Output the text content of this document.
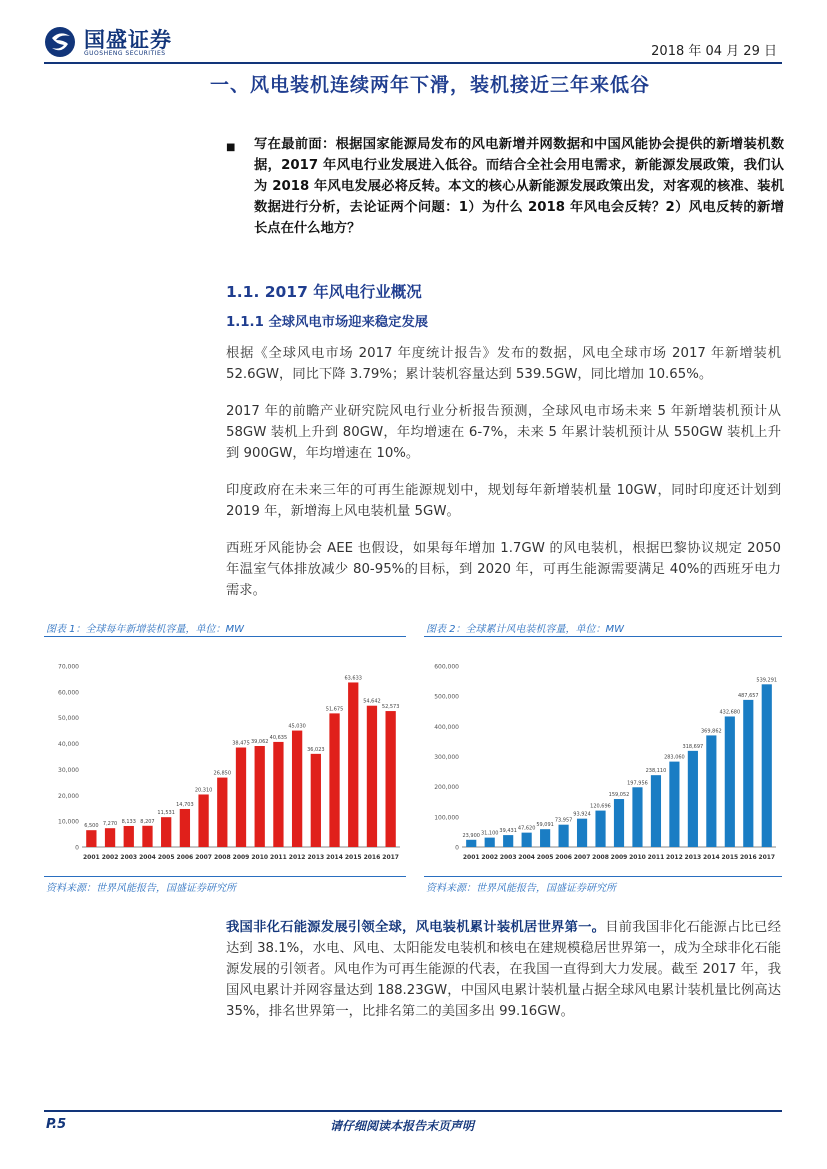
国盛证券
GUOSHENG SECURITIES	2018 年 04 月 29 日
一、风电装机连续两年下滑，装机接近三年来低谷
■ 写在最前面：根据国家能源局发布的风电新增并网数据和中国风能协会提供的新增装机数据，2017 年风电行业发展进入低谷。而结合全社会用电需求，新能源发展政策，我们认为 2018 年风电发展必将反转。本文的核心从新能源发展政策出发，对客观的核准、装机数据进行分析，去论证两个问题：1）为什么 2018 年风电会反转？2）风电反转的新增长点在什么地方？
1.1. 2017 年风电行业概况
1.1.1 全球风电市场迎来稳定发展
根据《全球风电市场 2017 年度统计报告》发布的数据，风电全球市场 2017 年新增装机 52.6GW，同比下降 3.79%；累计装机容量达到 539.5GW，同比增加 10.65%。
2017 年的前瞻产业研究院风电行业分析报告预测，全球风电市场未来 5 年新增装机预计从 58GW 装机上升到 80GW，年均增速在 6-7%，未来 5 年累计装机预计从 550GW 装机上升到 900GW，年均增速在 10%。
印度政府在未来三年的可再生能源规划中，规划每年新增装机量 10GW，同时印度还计划到 2019 年，新增海上风电装机量 5GW。
西班牙风能协会 AEE 也假设，如果每年增加 1.7GW 的风电装机，根据巴黎协议规定 2050 年温室气体排放减少 80-95%的目标，到 2020 年，可再生能源需要满足 40%的西班牙电力需求。
图表 1：全球每年新增装机容量，单位：MW	图表 2：全球累计风电装机容量，单位：MW
0
10,000
20,000
30,000
40,000
50,000
60,000
70,000
6,500
2001
7,270
2002
8,133
2003
8,207
2004
11,531
2005
14,703
2006
20,310
2007
26,850
2008
38,475
2009
39,062
2010
40,635
2011
45,030
2012
36,023
2013
51,675
2014
63,633
2015
54,642
2016
52,573
2017
0
100,000
200,000
300,000
400,000
500,000
600,000
23,900
2001
31,100
2002
39,431
2003
47,620
2004
59,091
2005
73,957
2006
93,924
2007
120,696
2008
159,052
2009
197,956
2010
238,110
2011
283,060
2012
318,697
2013
369,862
2014
432,680
2015
487,657
2016
539,291
2017
资料来源：世界风能报告，国盛证券研究所	资料来源：世界风能报告，国盛证券研究所
我国非化石能源发展引领全球，风电装机累计装机居世界第一。目前我国非化石能源占比已经达到 38.1%，水电、风电、太阳能发电装机和核电在建规模稳居世界第一，成为全球非化石能源发展的引领者。风电作为可再生能源的代表，在我国一直得到大力发展。截至 2017 年，我国风电累计并网容量达到 188.23GW，中国风电累计装机量占据全球风电累计装机量比例高达 35%，排名世界第一，比排名第二的美国多出 99.16GW。
P.5	请仔细阅读本报告末页声明
